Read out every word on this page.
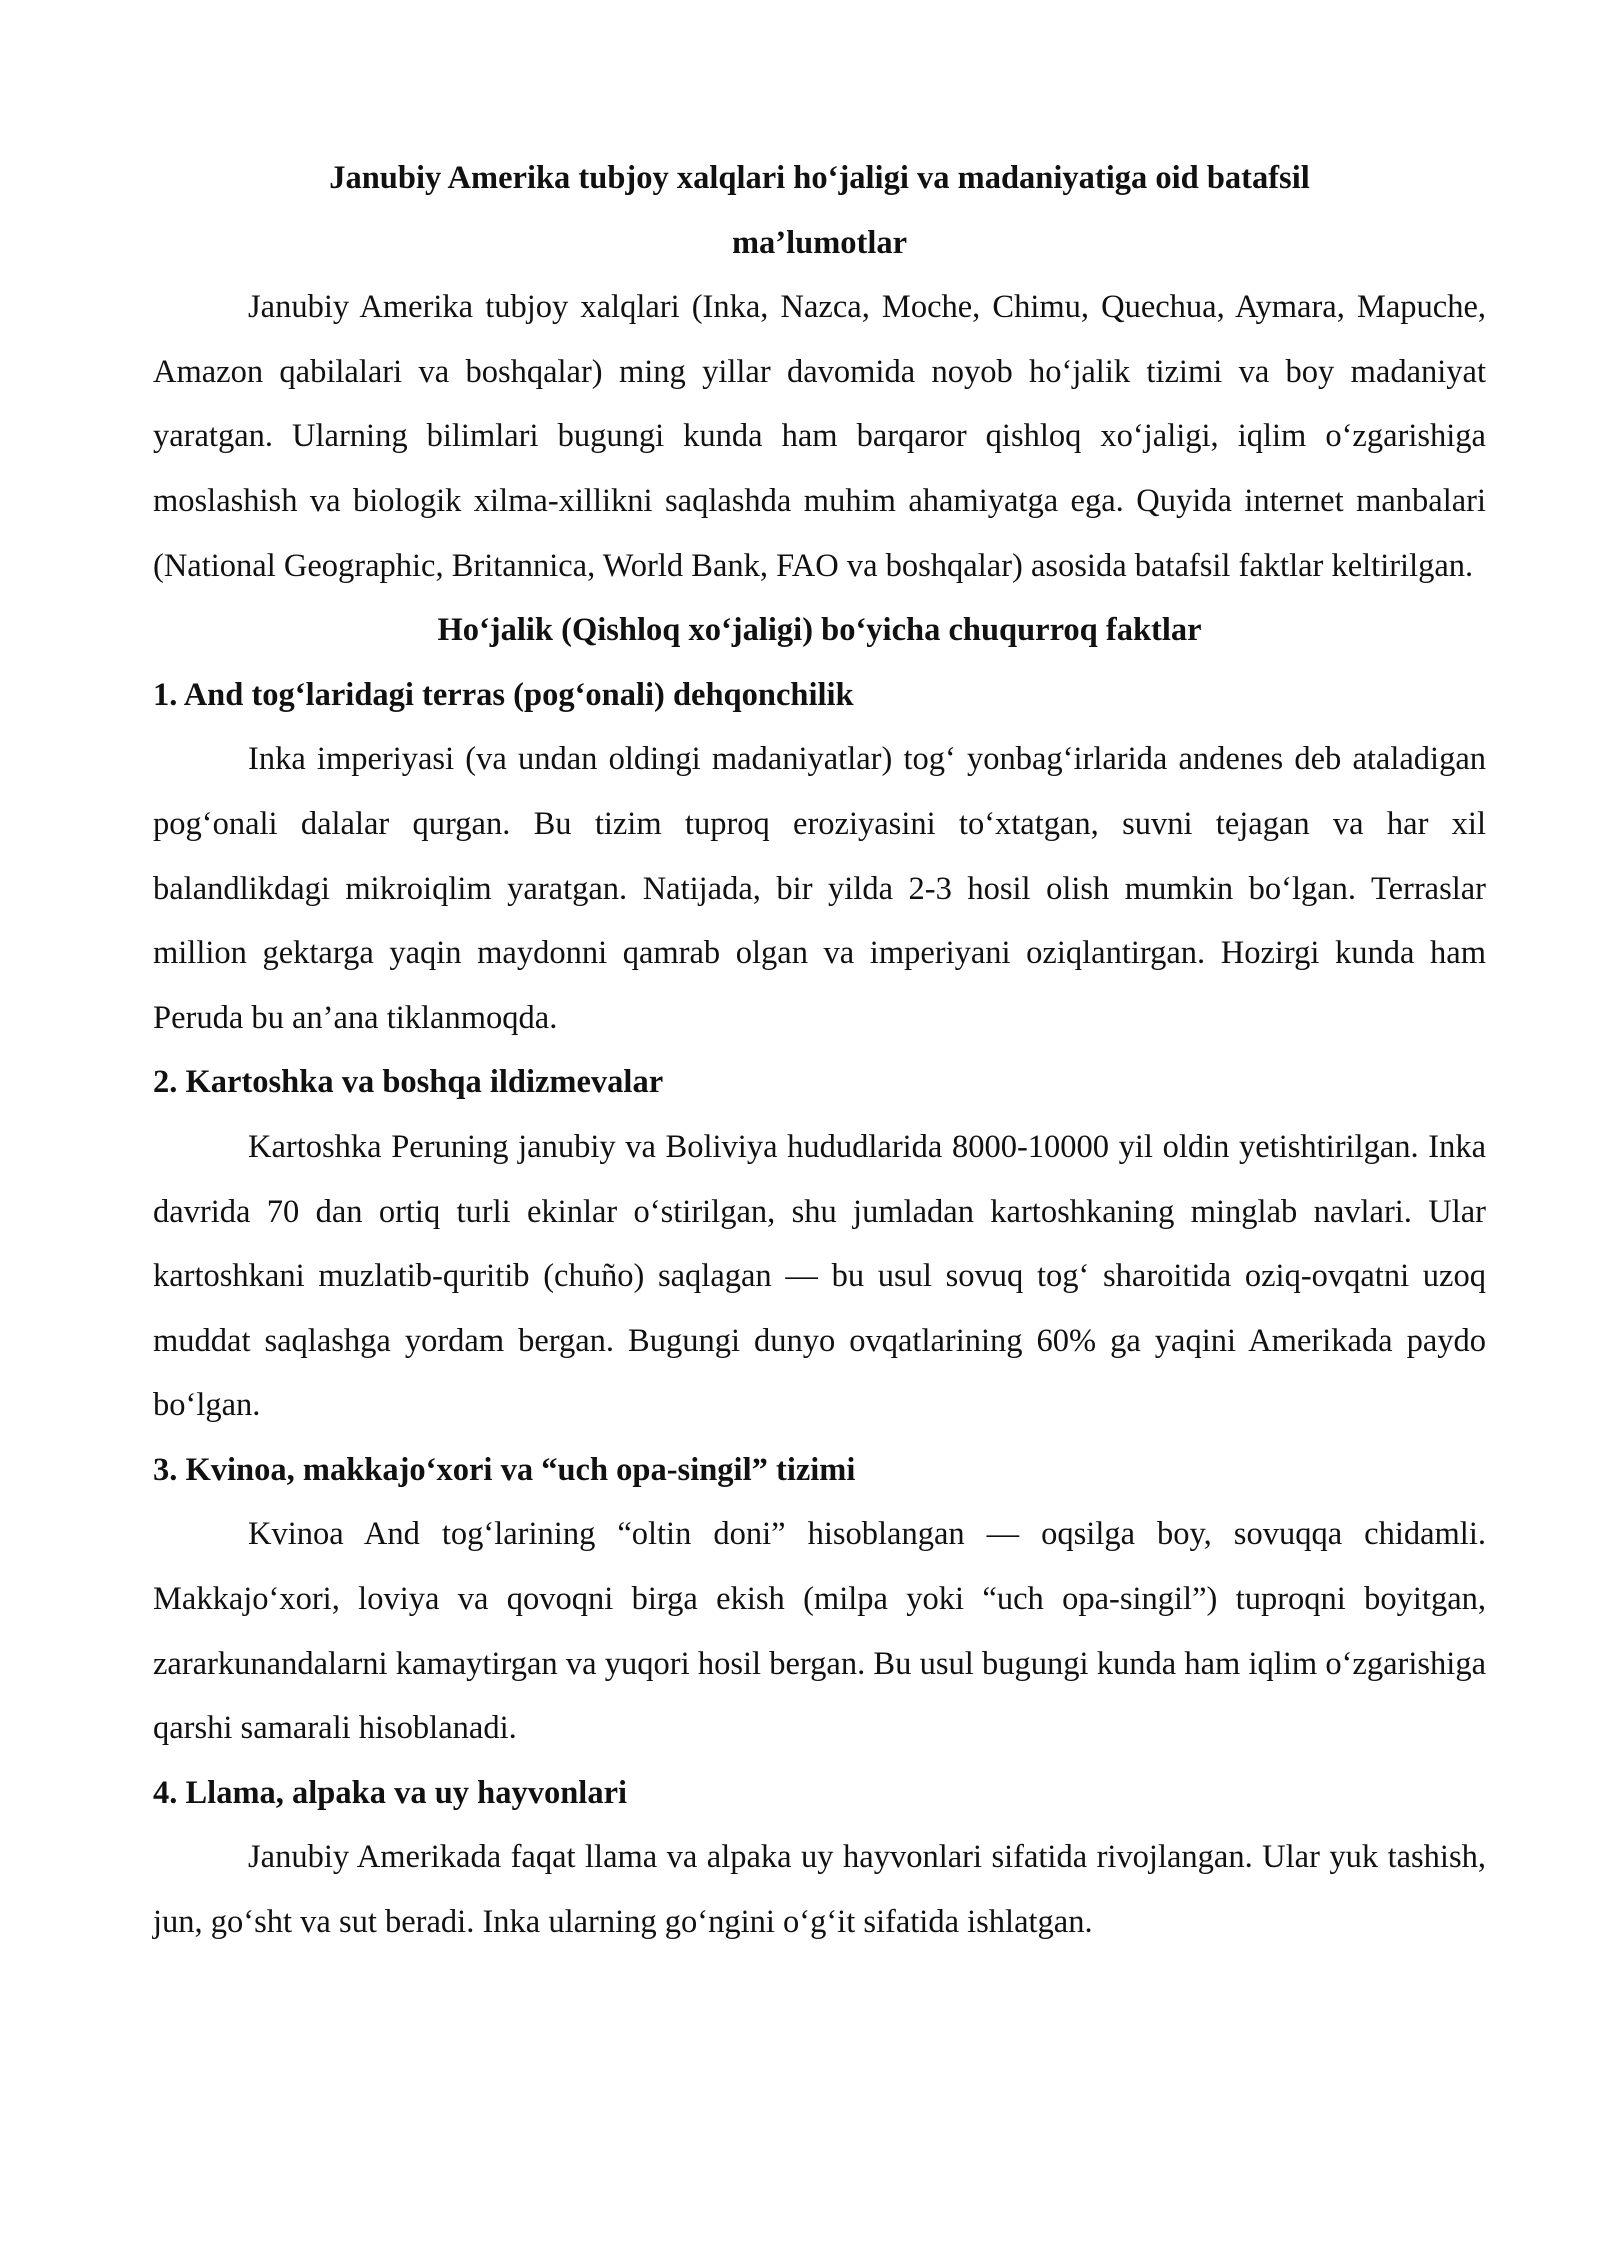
Janubiy Amerika tubjoy xalqlari ho‘jaligi va madaniyatiga oid batafsil
ma’lumotlar

Janubiy Amerika tubjoy xalqlari (Inka, Nazca, Moche, Chimu, Quechua, Aymara, Mapuche, Amazon qabilalari va boshqalar) ming yillar davomida noyob ho‘jalik tizimi va boy madaniyat yaratgan. Ularning bilimlari bugungi kunda ham barqaror qishloq xo‘jaligi, iqlim o‘zgarishiga moslashish va biologik xilma-xillikni saqlashda muhim ahamiyatga ega. Quyida internet manbalari (National Geographic, Britannica, World Bank, FAO va boshqalar) asosida batafsil faktlar keltirilgan.

Ho‘jalik (Qishloq xo‘jaligi) bo‘yicha chuqurroq faktlar
1. And tog‘laridagi terras (pog‘onali) dehqonchilik

Inka imperiyasi (va undan oldingi madaniyatlar) tog‘ yonbag‘irlarida andenes deb ataladigan pog‘onali dalalar qurgan. Bu tizim tuproq eroziyasini to‘xtatgan, suvni tejagan va har xil balandlikdagi mikroiqlim yaratgan. Natijada, bir yilda 2-3 hosil olish mumkin bo‘lgan. Terraslar million gektarga yaqin maydonni qamrab olgan va imperiyani oziqlantirgan. Hozirgi kunda ham Peruda bu an’ana tiklanmoqda.

2. Kartoshka va boshqa ildizmevalar

Kartoshka Peruning janubiy va Boliviya hududlarida 8000-10000 yil oldin yetishtirilgan. Inka davrida 70 dan ortiq turli ekinlar o‘stirilgan, shu jumladan kartoshkaning minglab navlari. Ular kartoshkani muzlatib-quritib (chuño) saqlagan — bu usul sovuq tog‘ sharoitida oziq-ovqatni uzoq muddat saqlashga yordam bergan. Bugungi dunyo ovqatlarining 60% ga yaqini Amerikada paydo bo‘lgan.

3. Kvinoa, makkajo‘xori va “uch opa-singil” tizimi

Kvinoa And tog‘larining “oltin doni” hisoblangan — oqsilga boy, sovuqqa chidamli. Makkajo‘xori, loviya va qovoqni birga ekish (milpa yoki “uch opa-singil”) tuproqni boyitgan, zararkunandalarni kamaytirgan va yuqori hosil bergan. Bu usul bugungi kunda ham iqlim o‘zgarishiga qarshi samarali hisoblanadi.

4. Llama, alpaka va uy hayvonlari

Janubiy Amerikada faqat llama va alpaka uy hayvonlari sifatida rivojlangan. Ular yuk tashish, jun, go‘sht va sut beradi. Inka ularning go‘ngini o‘g‘it sifatida ishlatgan.
